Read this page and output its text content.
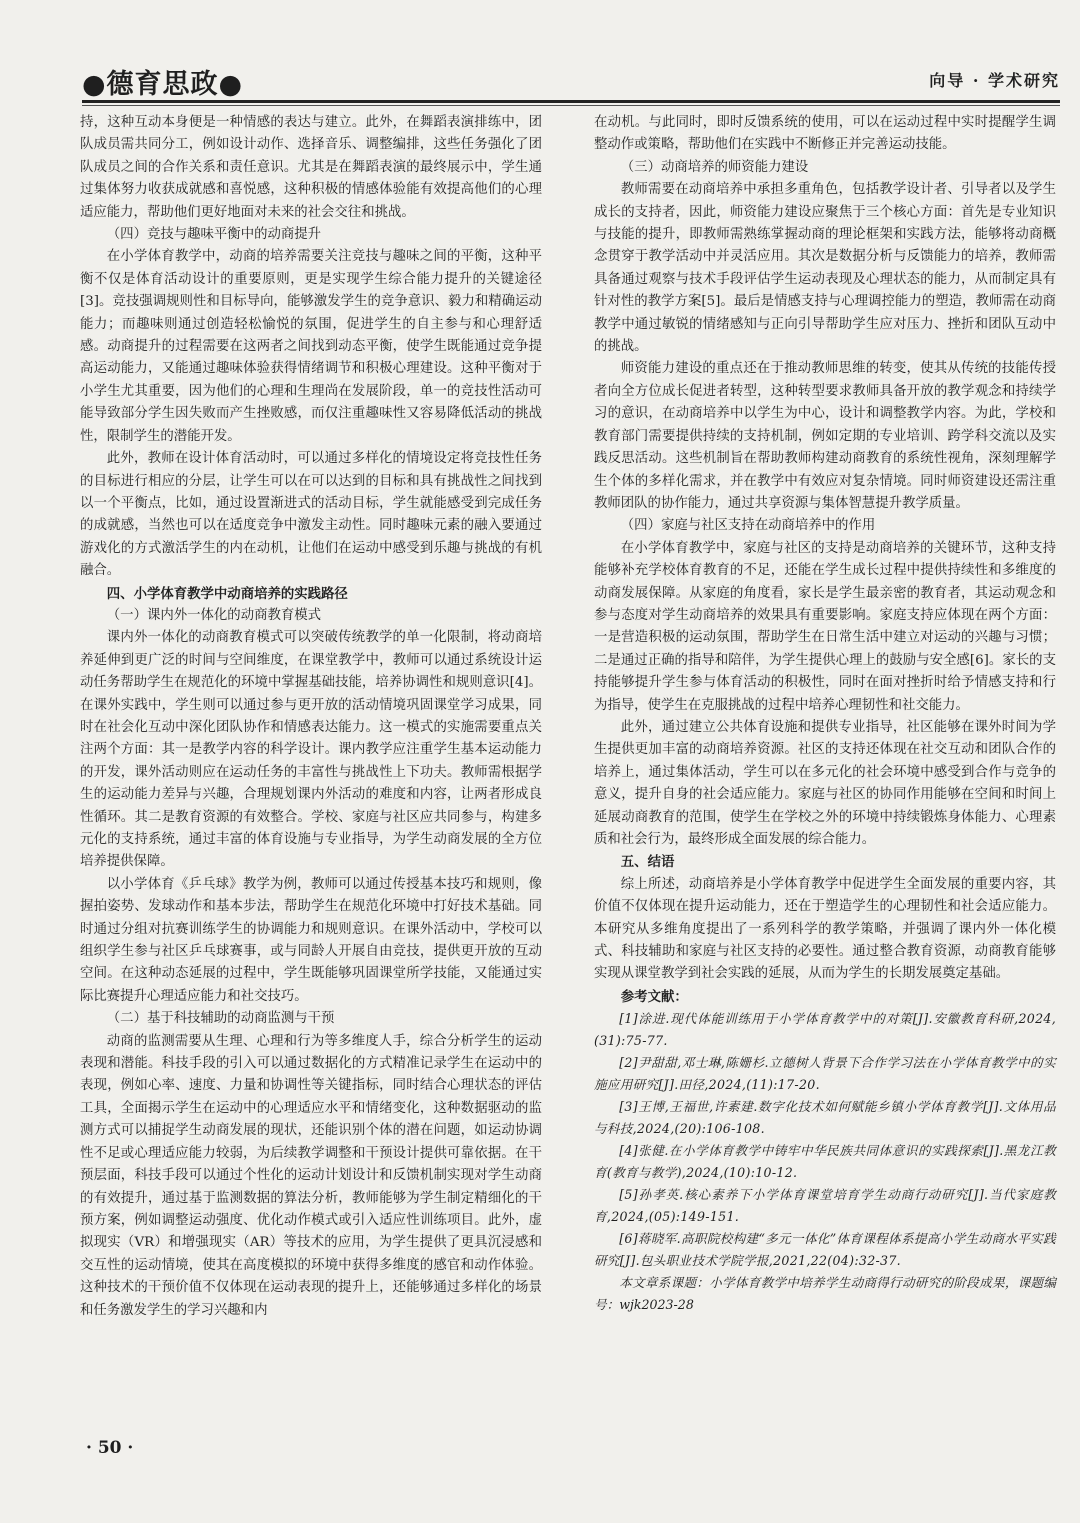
●德育思政●	向导 · 学术研究

持，这种互动本身便是一种情感的表达与建立。此外，在舞蹈表演排练中，团队成员需共同分工，例如设计动作、选择音乐、调整编排，这些任务强化了团队成员之间的合作关系和责任意识。尤其是在舞蹈表演的最终展示中，学生通过集体努力收获成就感和喜悦感，这种积极的情感体验能有效提高他们的心理适应能力，帮助他们更好地面对未来的社会交往和挑战。

（四）竞技与趣味平衡中的动商提升

在小学体育教学中，动商的培养需要关注竞技与趣味之间的平衡，这种平衡不仅是体育活动设计的重要原则，更是实现学生综合能力提升的关键途径[3]。竞技强调规则性和目标导向，能够激发学生的竞争意识、毅力和精确运动能力；而趣味则通过创造轻松愉悦的氛围，促进学生的自主参与和心理舒适感。动商提升的过程需要在这两者之间找到动态平衡，使学生既能通过竞争提高运动能力，又能通过趣味体验获得情绪调节和积极心理建设。这种平衡对于小学生尤其重要，因为他们的心理和生理尚在发展阶段，单一的竞技性活动可能导致部分学生因失败而产生挫败感，而仅注重趣味性又容易降低活动的挑战性，限制学生的潜能开发。

此外，教师在设计体育活动时，可以通过多样化的情境设定将竞技性任务的目标进行相应的分层，让学生可以在可以达到的目标和具有挑战性之间找到以一个平衡点，比如，通过设置渐进式的活动目标，学生就能感受到完成任务的成就感，当然也可以在适度竞争中激发主动性。同时趣味元素的融入要通过游戏化的方式激活学生的内在动机，让他们在运动中感受到乐趣与挑战的有机融合。

四、小学体育教学中动商培养的实践路径
（一）课内外一体化的动商教育模式

课内外一体化的动商教育模式可以突破传统教学的单一化限制，将动商培养延伸到更广泛的时间与空间维度，在课堂教学中，教师可以通过系统设计运动任务帮助学生在规范化的环境中掌握基础技能，培养协调性和规则意识[4]。在课外实践中，学生则可以通过参与更开放的活动情境巩固课堂学习成果，同时在社会化互动中深化团队协作和情感表达能力。这一模式的实施需要重点关注两个方面：其一是教学内容的科学设计。课内教学应注重学生基本运动能力的开发，课外活动则应在运动任务的丰富性与挑战性上下功夫。教师需根据学生的运动能力差异与兴趣，合理规划课内外活动的难度和内容，让两者形成良性循环。其二是教育资源的有效整合。学校、家庭与社区应共同参与，构建多元化的支持系统，通过丰富的体育设施与专业指导，为学生动商发展的全方位培养提供保障。

以小学体育《乒乓球》教学为例，教师可以通过传授基本技巧和规则，像握拍姿势、发球动作和基本步法，帮助学生在规范化环境中打好技术基础。同时通过分组对抗赛训练学生的协调能力和规则意识。在课外活动中，学校可以组织学生参与社区乒乓球赛事，或与同龄人开展自由竞技，提供更开放的互动空间。在这种动态延展的过程中，学生既能够巩固课堂所学技能，又能通过实际比赛提升心理适应能力和社交技巧。

（二）基于科技辅助的动商监测与干预

动商的监测需要从生理、心理和行为等多维度人手，综合分析学生的运动表现和潜能。科技手段的引入可以通过数据化的方式精准记录学生在运动中的表现，例如心率、速度、力量和协调性等关键指标，同时结合心理状态的评估工具，全面揭示学生在运动中的心理适应水平和情绪变化，这种数据驱动的监测方式可以捕捉学生动商发展的现状，还能识别个体的潜在问题，如运动协调性不足或心理适应能力较弱，为后续教学调整和干预设计提供可靠依据。在干预层面，科技手段可以通过个性化的运动计划设计和反馈机制实现对学生动商的有效提升，通过基于监测数据的算法分析，教师能够为学生制定精细化的干预方案，例如调整运动强度、优化动作模式或引入适应性训练项目。此外，虚拟现实（VR）和增强现实（AR）等技术的应用，为学生提供了更具沉浸感和交互性的运动情境，使其在高度模拟的环境中获得多维度的感官和动作体验。这种技术的干预价值不仅体现在运动表现的提升上，还能够通过多样化的场景和任务激发学生的学习兴趣和内

在动机。与此同时，即时反馈系统的使用，可以在运动过程中实时提醒学生调整动作或策略，帮助他们在实践中不断修正并完善运动技能。

（三）动商培养的师资能力建设

教师需要在动商培养中承担多重角色，包括教学设计者、引导者以及学生成长的支持者，因此，师资能力建设应聚焦于三个核心方面：首先是专业知识与技能的提升，即教师需熟练掌握动商的理论框架和实践方法，能够将动商概念贯穿于教学活动中并灵活应用。其次是数据分析与反馈能力的培养，教师需具备通过观察与技术手段评估学生运动表现及心理状态的能力，从而制定具有针对性的教学方案[5]。最后是情感支持与心理调控能力的塑造，教师需在动商教学中通过敏锐的情绪感知与正向引导帮助学生应对压力、挫折和团队互动中的挑战。

师资能力建设的重点还在于推动教师思维的转变，使其从传统的技能传授者向全方位成长促进者转型，这种转型要求教师具备开放的教学观念和持续学习的意识，在动商培养中以学生为中心，设计和调整教学内容。为此，学校和教育部门需要提供持续的支持机制，例如定期的专业培训、跨学科交流以及实践反思活动。这些机制旨在帮助教师构建动商教育的系统性视角，深刻理解学生个体的多样化需求，并在教学中有效应对复杂情境。同时师资建设还需注重教师团队的协作能力，通过共享资源与集体智慧提升教学质量。

（四）家庭与社区支持在动商培养中的作用

在小学体育教学中，家庭与社区的支持是动商培养的关键环节，这种支持能够补充学校体育教育的不足，还能在学生成长过程中提供持续性和多维度的动商发展保障。从家庭的角度看，家长是学生最亲密的教育者，其运动观念和参与态度对学生动商培养的效果具有重要影响。家庭支持应体现在两个方面：一是营造积极的运动氛围，帮助学生在日常生活中建立对运动的兴趣与习惯；二是通过正确的指导和陪伴，为学生提供心理上的鼓励与安全感[6]。家长的支持能够提升学生参与体育活动的积极性，同时在面对挫折时给予情感支持和行为指导，使学生在克服挑战的过程中培养心理韧性和社交能力。

此外，通过建立公共体育设施和提供专业指导，社区能够在课外时间为学生提供更加丰富的动商培养资源。社区的支持还体现在社交互动和团队合作的培养上，通过集体活动，学生可以在多元化的社会环境中感受到合作与竞争的意义，提升自身的社会适应能力。家庭与社区的协同作用能够在空间和时间上延展动商教育的范围，使学生在学校之外的环境中持续锻炼身体能力、心理素质和社会行为，最终形成全面发展的综合能力。

五、结语

综上所述，动商培养是小学体育教学中促进学生全面发展的重要内容，其价值不仅体现在提升运动能力，还在于塑造学生的心理韧性和社会适应能力。本研究从多维角度提出了一系列科学的教学策略，并强调了课内外一体化模式、科技辅助和家庭与社区支持的必要性。通过整合教育资源，动商教育能够实现从课堂教学到社会实践的延展，从而为学生的长期发展奠定基础。

参考文献：

[1]涂进.现代体能训练用于小学体育教学中的对策[J].安徽教育科研,2024,(31):75-77.

[2]尹甜甜,邓士琳,陈姗杉.立德树人背景下合作学习法在小学体育教学中的实施应用研究[J].田径,2024,(11):17-20.

[3]王博,王福世,许素建.数字化技术如何赋能乡镇小学体育教学[J].文体用品与科技,2024,(20):106-108.

[4]张健.在小学体育教学中铸牢中华民族共同体意识的实践探索[J].黑龙江教育(教育与教学),2024,(10):10-12.

[5]孙孝英.核心素养下小学体育课堂培育学生动商行动研究[J].当代家庭教育,2024,(05):149-151.

[6]蒋晓军.高职院校构建“多元一体化”体育课程体系提高小学生动商水平实践研究[J].包头职业技术学院学报,2021,22(04):32-37.

本文章系课题：小学体育教学中培养学生动商得行动研究的阶段成果，课题编号：wjk2023-28

· 50 ·
